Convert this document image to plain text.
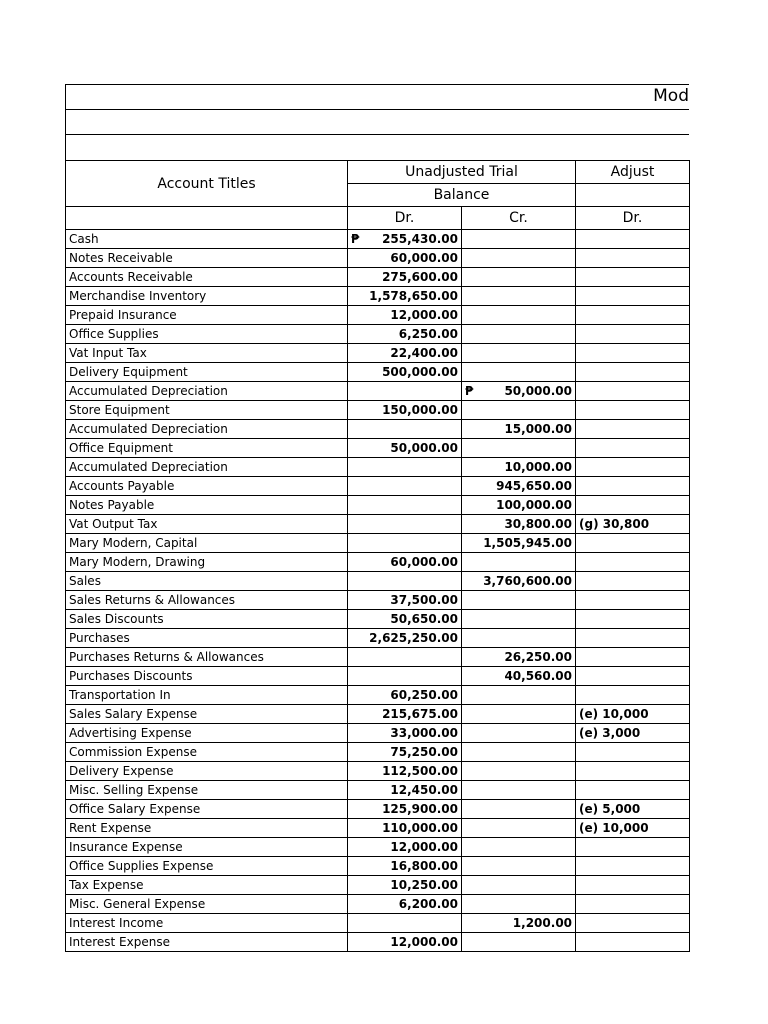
Mod
Account Titles	Unadjusted Trial		Adjust
	Balance		
	Dr.	Cr.	Dr.
Cash	₱ 255,430.00		
Notes Receivable	60,000.00		
Accounts Receivable	275,600.00		
Merchandise Inventory	1,578,650.00		
Prepaid Insurance	12,000.00		
Office Supplies	6,250.00		
Vat Input Tax	22,400.00		
Delivery Equipment	500,000.00		
Accumulated Depreciation		₱ 50,000.00	
Store Equipment	150,000.00		
Accumulated Depreciation		15,000.00	
Office Equipment	50,000.00		
Accumulated Depreciation		10,000.00	
Accounts Payable		945,650.00	
Notes Payable		100,000.00	
Vat Output Tax		30,800.00	(g) 30,800
Mary Modern, Capital		1,505,945.00	
Mary Modern, Drawing	60,000.00		
Sales		3,760,600.00	
Sales Returns & Allowances	37,500.00		
Sales Discounts	50,650.00		
Purchases	2,625,250.00		
Purchases Returns & Allowances		26,250.00	
Purchases Discounts		40,560.00	
Transportation In	60,250.00		
Sales Salary Expense	215,675.00		(e) 10,000
Advertising Expense	33,000.00		(e) 3,000
Commission Expense	75,250.00		
Delivery Expense	112,500.00		
Misc. Selling Expense	12,450.00		
Office Salary Expense	125,900.00		(e) 5,000
Rent Expense	110,000.00		(e) 10,000
Insurance Expense	12,000.00		
Office Supplies Expense	16,800.00		
Tax Expense	10,250.00		
Misc. General Expense	6,200.00		
Interest Income		1,200.00	
Interest Expense	12,000.00		
